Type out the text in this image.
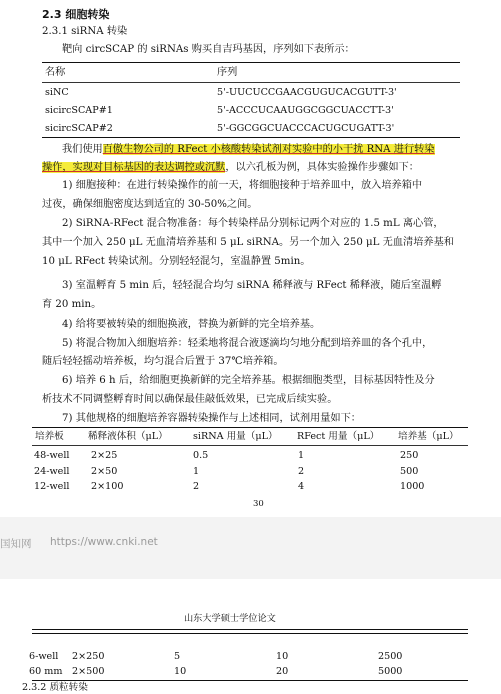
2.3 细胞转染
2.3.1 siRNA 转染
靶向 circSCAP 的 siRNAs 购买自吉玛基因，序列如下表所示：
名称	序列
siNC	5'-UUCUCCGAACGUGUCACGUTT-3'
sicircSCAP#1	5'-ACCCUCAAUGGCGGCUACCTT-3'
sicircSCAP#2	5'-GGCGGCUACCCACUGCUGATT-3'
我们使用百傲生物公司的 RFect 小核酸转染试剂对实验中的小干扰 RNA 进行转染
操作，实现对目标基因的表达调控或沉默，以六孔板为例，具体实验操作步骤如下：
1) 细胞接种：在进行转染操作的前一天，将细胞接种于培养皿中，放入培养箱中
过夜，确保细胞密度达到适宜的 30-50%之间。
2) SiRNA-RFect 混合物准备：每个转染样品分别标记两个对应的 1.5 mL 离心管，
其中一个加入 250 μL 无血清培养基和 5 μL siRNA。另一个加入 250 μL 无血清培养基和
10 μL RFect 转染试剂。分别轻轻混匀，室温静置 5min。
3) 室温孵育 5 min 后，轻轻混合均匀 siRNA 稀释液与 RFect 稀释液，随后室温孵
育 20 min。
4) 给将要被转染的细胞换液，替换为新鲜的完全培养基。
5) 将混合物加入细胞培养：轻柔地将混合液逐滴均匀地分配到培养皿的各个孔中，
随后轻轻摇动培养板，均匀混合后置于 37℃培养箱。
6) 培养 6 h 后，给细胞更换新鲜的完全培养基。根据细胞类型，目标基因特性及分
析技术不同调整孵育时间以确保最佳敲低效果，已完成后续实验。
7) 其他规格的细胞培养容器转染操作与上述相同，试剂用量如下：
培养板	稀释液体积（μL）	siRNA 用量（μL） RFect 用量（μL） 培养基（μL）
48-well 2×25	0.5	1	250
24-well 2×50	1	2	500
12-well 2×100	2	4	1000
30
国知网 https://www.cnki.net
山东大学硕士学位论文
6-well 2×250	5	10	2500
60 mm 2×500	10	20	5000
2.3.2 质粒转染
